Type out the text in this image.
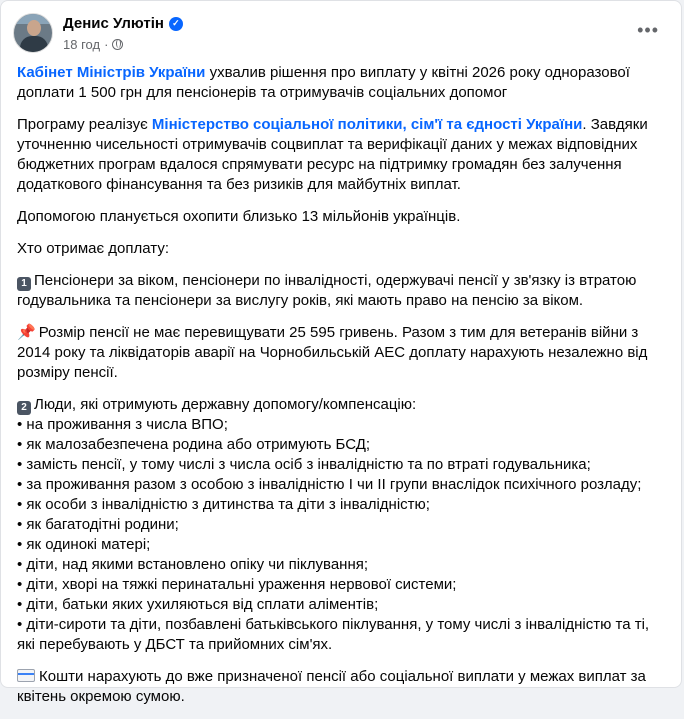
Денис Улютін ✓
18 год ·
•••

Кабінет Міністрів України ухвалив рішення про виплату у квітні 2026 року одноразової доплати 1 500 грн для пенсіонерів та отримувачів соціальних допомог

Програму реалізує Міністерство соціальної політики, сім'ї та єдності України. Завдяки уточненню чисельності отримувачів соцвиплат та верифікації даних у межах відповідних бюджетних програм вдалося спрямувати ресурс на підтримку громадян без залучення додаткового фінансування та без ризиків для майбутніх виплат.

Допомогою планується охопити близько 13 мільйонів українців.

Хто отримає доплату:

1 Пенсіонери за віком, пенсіонери по інвалідності, одержувачі пенсії у зв'язку із втратою годувальника та пенсіонери за вислугу років, які мають право на пенсію за віком.

📌 Розмір пенсії не має перевищувати 25 595 гривень. Разом з тим для ветеранів війни з 2014 року та ліквідаторів аварії на Чорнобильській АЕС доплату нарахують незалежно від розміру пенсії.

2 Люди, які отримують державну допомогу/компенсацію:
• на проживання з числа ВПО;
• як малозабезпечена родина або отримують БСД;
• замість пенсії, у тому числі з числа осіб з інвалідністю та по втраті годувальника;
• за проживання разом з особою з інвалідністю I чи II групи внаслідок психічного розладу;
• як особи з інвалідністю з дитинства та діти з інвалідністю;
• як багатодітні родини;
• як одинокі матері;
• діти, над якими встановлено опіку чи піклування;
• діти, хворі на тяжкі перинатальні ураження нервової системи;
• діти, батьки яких ухиляються від сплати аліментів;
• діти-сироти та діти, позбавлені батьківського піклування, у тому числі з інвалідністю та ті, які перебувають у ДБСТ та прийомних сім'ях.

Кошти нарахують до вже призначеної пенсії або соціальної виплати у межах виплат за квітень окремою сумою.
